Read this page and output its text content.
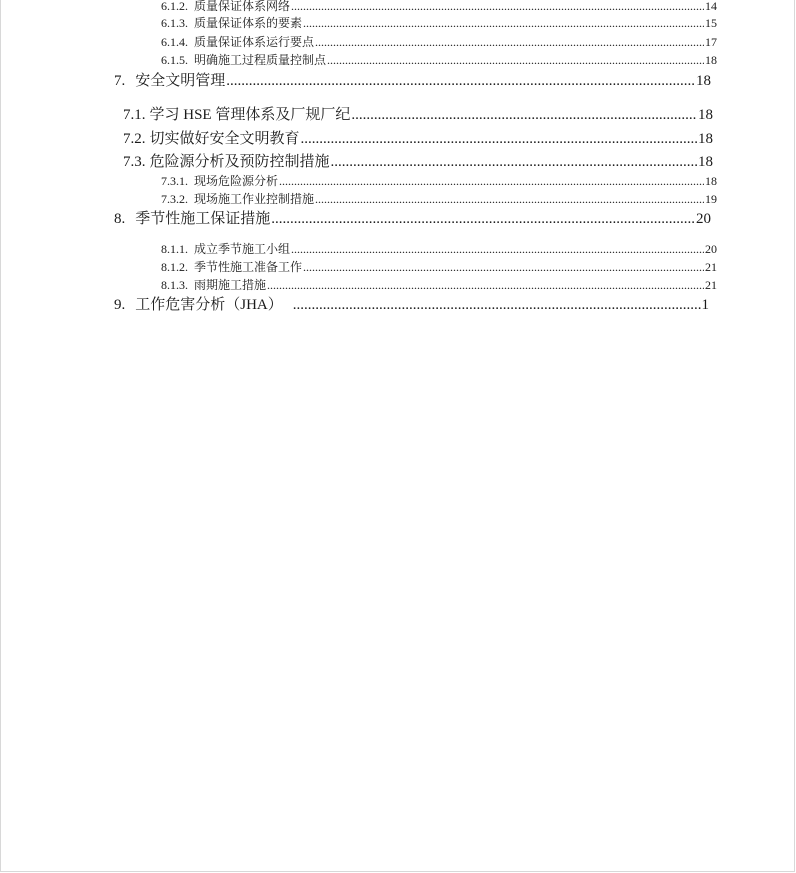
6.1.2. 质量保证体系网络 .....	14
6.1.3. 质量保证体系的要素 .....	15
6.1.4. 质量保证体系运行要点 .....	17
6.1.5. 明确施工过程质量控制点 .....	18
7. 安全文明管理 .....	18
7.1. 学习 HSE 管理体系及厂规厂纪 .....	18
7.2. 切实做好安全文明教育 .....	18
7.3. 危险源分析及预防控制措施 .....	18
7.3.1. 现场危险源分析 .....	18
7.3.2. 现场施工作业控制措施 .....	19
8. 季节性施工保证措施 .....	20
8.1.1. 成立季节施工小组 .....	20
8.1.2. 季节性施工准备工作 .....	21
8.1.3. 雨期施工措施 .....	21
9. 工作危害分析（JHA） .....	1
